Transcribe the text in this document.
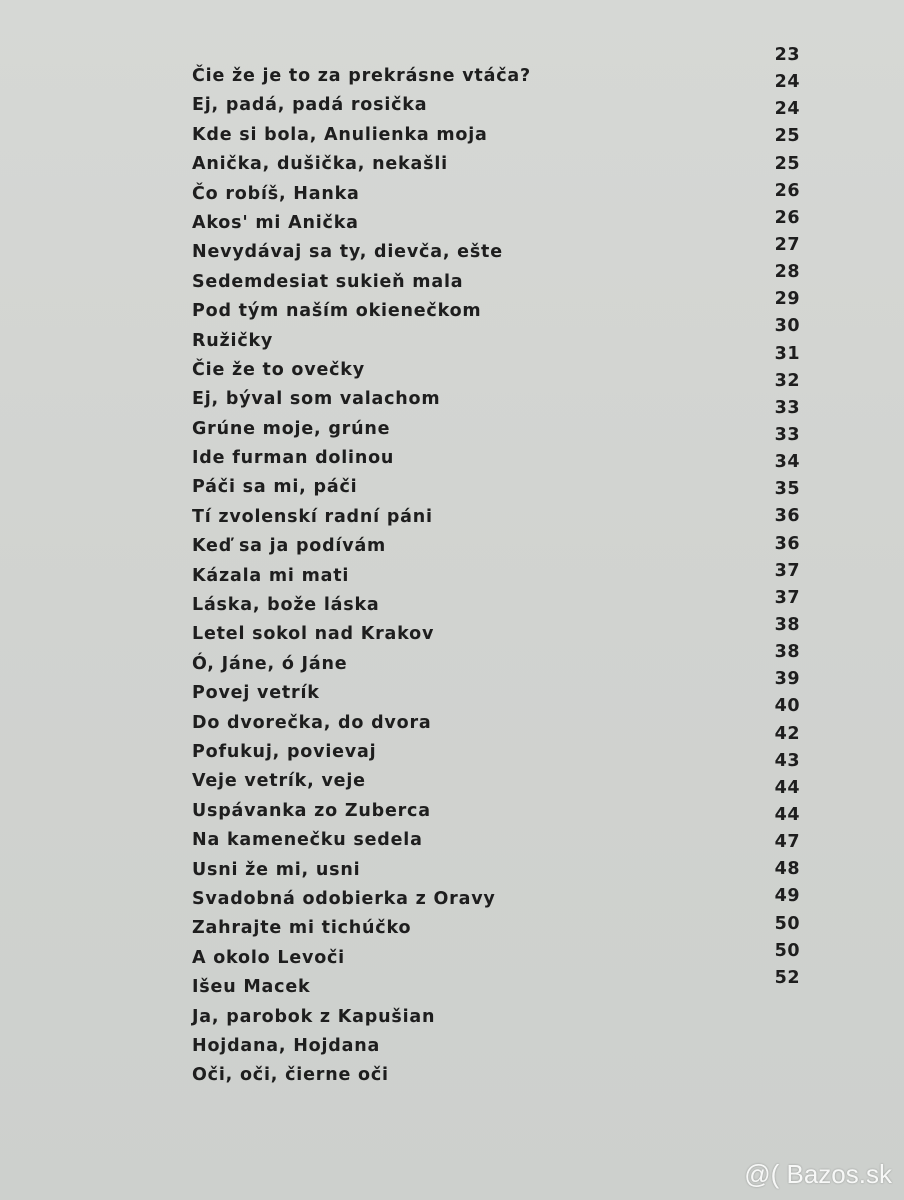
Čie že je to za prekrásne vtáča?
Ej, padá, padá rosička
Kde si bola, Anulienka moja
Anička, dušička, nekašli
Čo robíš, Hanka
Akos' mi Anička
Nevydávaj sa ty, dievča, ešte
Sedemdesiat sukieň mala
Pod tým naším okienečkom
Ružičky
Čie že to ovečky
Ej, býval som valachom
Grúne moje, grúne
Ide furman dolinou
Páči sa mi, páči
Tí zvolenskí radní páni
Keď sa ja podívám
Kázala mi mati
Láska, bože láska
Letel sokol nad Krakov
Ó, Jáne, ó Jáne
Povej vetrík
Do dvorečka, do dvora
Pofukuj, povievaj
Veje vetrík, veje
Uspávanka zo Zuberca
Na kamenečku sedela
Usni že mi, usni
Svadobná odobierka z Oravy
Zahrajte mi tichúčko
A okolo Levoči
Išeu Macek
Ja, parobok z Kapušian
Hojdana, Hojdana
Oči, oči, čierne oči
23
24
24
25
25
26
26
27
28
29
30
31
32
33
33
34
35
36
36
37
37
38
38
39
40
42
43
44
44
47
48
49
50
50
52
@( Bazos.sk
